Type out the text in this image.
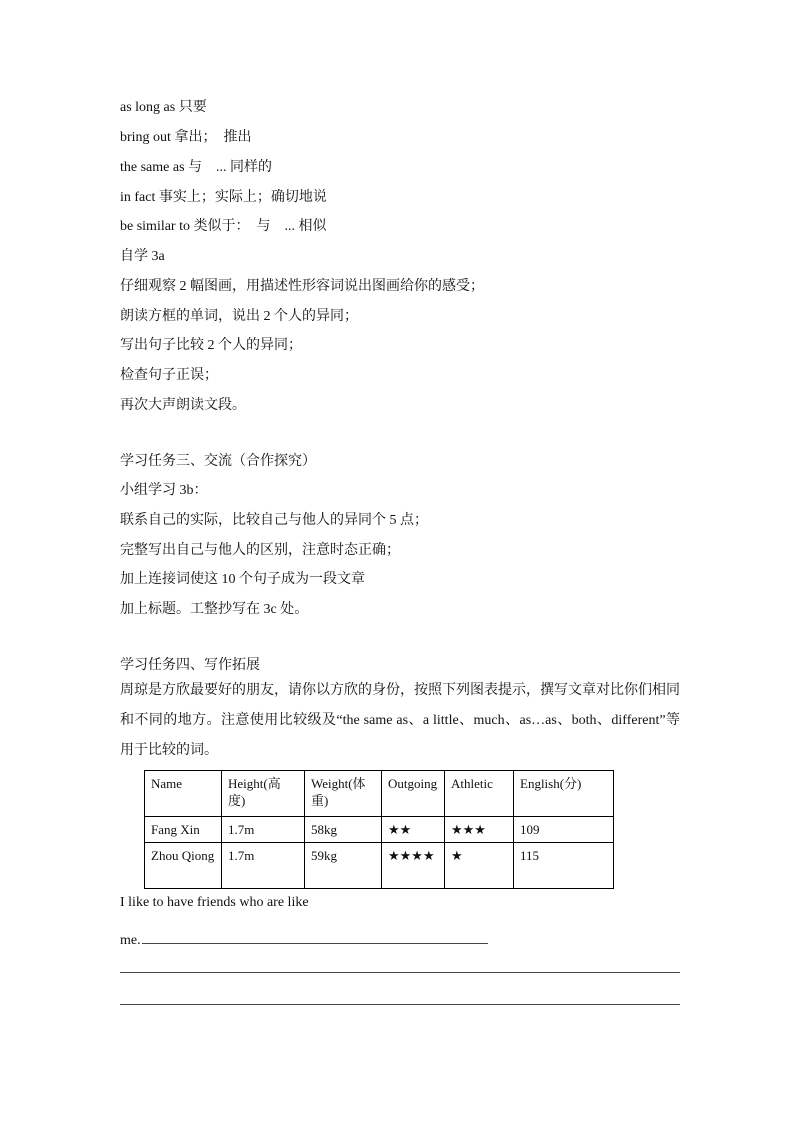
as long as 只要
bring out 拿出；　推出
the same as 与　... 同样的
in fact 事实上；实际上；确切地说
be similar to 类似于：　与　... 相似
自学 3a
仔细观察 2 幅图画，用描述性形容词说出图画给你的感受；
朗读方框的单词，说出 2 个人的异同；
写出句子比较 2 个人的异同；
检查句子正误；
再次大声朗读文段。
学习任务三、交流（合作探究）
小组学习 3b：
联系自己的实际，比较自己与他人的异同个 5 点；
完整写出自己与他人的区别，注意时态正确；
加上连接词使这 10 个句子成为一段文章
加上标题。工整抄写在 3c 处。
学习任务四、写作拓展
周琼是方欣最要好的朋友，请你以方欣的身份，按照下列图表提示，撰写文章对比你们相同和不同的地方。注意使用比较级及“the same as、a little、much、as…as、both、different”等用于比较的词。
Name	Height(高度)	Weight(体重)	Outgoing	Athletic	English(分)
Fang Xin	1.7m	58kg	★★	★★★	109
Zhou Qiong	1.7m	59kg	★★★★	★	115
I like to have friends who are like
me.
